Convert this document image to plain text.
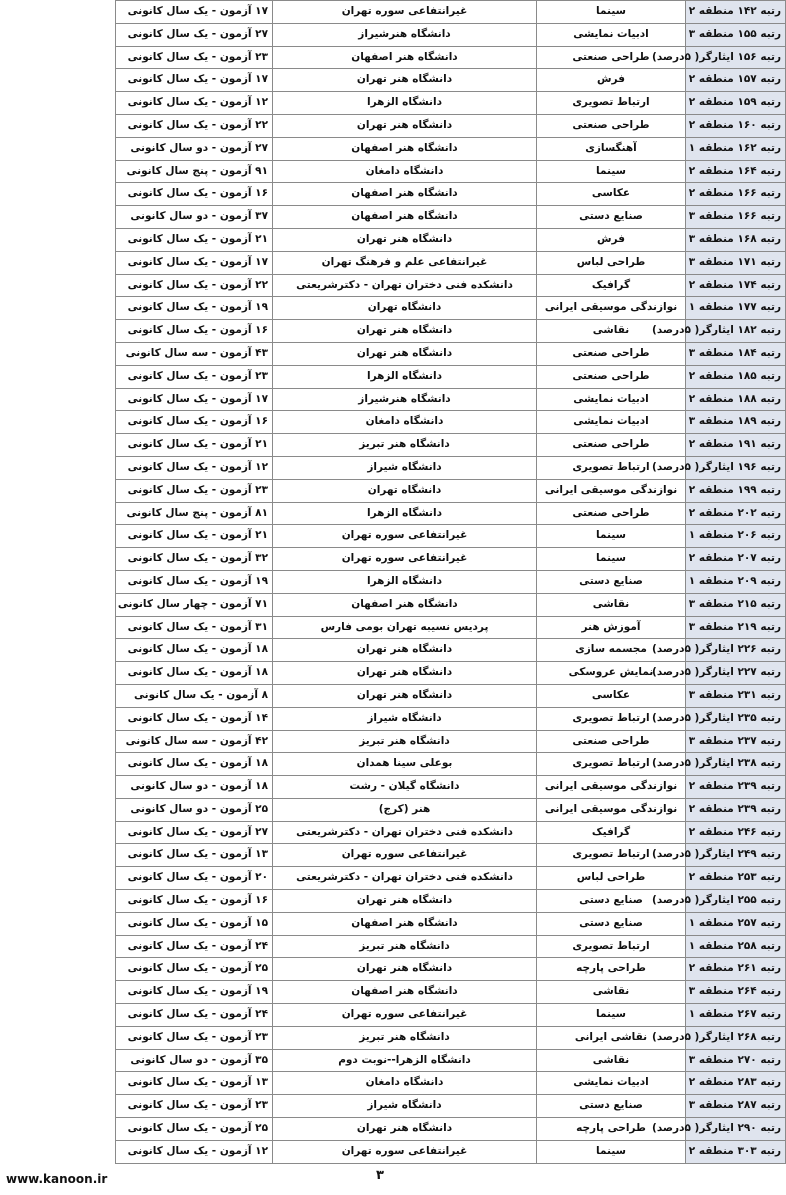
رتبه ۱۴۲ منطقه ۲	سینما	غیرانتفاعی سوره تهران	۱۷ آزمون - یک سال کانونی
رتبه ۱۵۵ منطقه ۳	ادبیات نمایشی	دانشگاه هنرشیراز	۲۷ آزمون - یک سال کانونی
رتبه ۱۵۶ ایثارگر( ۵درصد)	طراحی صنعتی	دانشگاه هنر اصفهان	۲۳ آزمون - یک سال کانونی
رتبه ۱۵۷ منطقه ۲	فرش	دانشگاه هنر تهران	۱۷ آزمون - یک سال کانونی
رتبه ۱۵۹ منطقه ۲	ارتباط تصویری	دانشگاه الزهرا	۱۲ آزمون - یک سال کانونی
رتبه ۱۶۰ منطقه ۲	طراحی صنعتی	دانشگاه هنر تهران	۲۲ آزمون - یک سال کانونی
رتبه ۱۶۲ منطقه ۱	آهنگسازی	دانشگاه هنر اصفهان	۲۷ آزمون - دو سال کانونی
رتبه ۱۶۴ منطقه ۲	سینما	دانشگاه دامغان	۹۱ آزمون - پنج سال کانونی
رتبه ۱۶۶ منطقه ۲	عکاسی	دانشگاه هنر اصفهان	۱۶ آزمون - یک سال کانونی
رتبه ۱۶۶ منطقه ۳	صنایع دستی	دانشگاه هنر اصفهان	۳۷ آزمون - دو سال کانونی
رتبه ۱۶۸ منطقه ۳	فرش	دانشگاه هنر تهران	۲۱ آزمون - یک سال کانونی
رتبه ۱۷۱ منطقه ۳	طراحی لباس	غیرانتفاعی علم و فرهنگ تهران	۱۷ آزمون - یک سال کانونی
رتبه ۱۷۴ منطقه ۲	گرافیک	دانشکده فنی دختران تهران - دکترشریعتی	۲۲ آزمون - یک سال کانونی
رتبه ۱۷۷ منطقه ۱	نوازندگی موسیقی ایرانی	دانشگاه تهران	۱۹ آزمون - یک سال کانونی
رتبه ۱۸۲ ایثارگر( ۵درصد)	نقاشی	دانشگاه هنر تهران	۱۶ آزمون - یک سال کانونی
رتبه ۱۸۴ منطقه ۳	طراحی صنعتی	دانشگاه هنر تهران	۴۳ آزمون - سه سال کانونی
رتبه ۱۸۵ منطقه ۲	طراحی صنعتی	دانشگاه الزهرا	۲۳ آزمون - یک سال کانونی
رتبه ۱۸۸ منطقه ۲	ادبیات نمایشی	دانشگاه هنرشیراز	۱۷ آزمون - یک سال کانونی
رتبه ۱۸۹ منطقه ۳	ادبیات نمایشی	دانشگاه دامغان	۱۶ آزمون - یک سال کانونی
رتبه ۱۹۱ منطقه ۲	طراحی صنعتی	دانشگاه هنر تبریز	۲۱ آزمون - یک سال کانونی
رتبه ۱۹۶ ایثارگر( ۵درصد)	ارتباط تصویری	دانشگاه شیراز	۱۲ آزمون - یک سال کانونی
رتبه ۱۹۹ منطقه ۲	نوازندگی موسیقی ایرانی	دانشگاه تهران	۲۳ آزمون - یک سال کانونی
رتبه ۲۰۲ منطقه ۲	طراحی صنعتی	دانشگاه الزهرا	۸۱ آزمون - پنج سال کانونی
رتبه ۲۰۶ منطقه ۱	سینما	غیرانتفاعی سوره تهران	۲۱ آزمون - یک سال کانونی
رتبه ۲۰۷ منطقه ۲	سینما	غیرانتفاعی سوره تهران	۳۲ آزمون - یک سال کانونی
رتبه ۲۰۹ منطقه ۱	صنایع دستی	دانشگاه الزهرا	۱۹ آزمون - یک سال کانونی
رتبه ۲۱۵ منطقه ۳	نقاشی	دانشگاه هنر اصفهان	۷۱ آزمون - چهار سال کانونی
رتبه ۲۱۹ منطقه ۳	آموزش هنر	پردیس نسیبه تهران بومی فارس	۳۱ آزمون - یک سال کانونی
رتبه ۲۲۶ ایثارگر( ۵درصد)	مجسمه سازی	دانشگاه هنر تهران	۱۸ آزمون - یک سال کانونی
رتبه ۲۲۷ ایثارگر( ۵درصد)	نمایش عروسکی	دانشگاه هنر تهران	۱۸ آزمون - یک سال کانونی
رتبه ۲۳۱ منطقه ۳	عکاسی	دانشگاه هنر تهران	۸ آزمون - یک سال کانونی
رتبه ۲۳۵ ایثارگر( ۵درصد)	ارتباط تصویری	دانشگاه شیراز	۱۴ آزمون - یک سال کانونی
رتبه ۲۳۷ منطقه ۳	طراحی صنعتی	دانشگاه هنر تبریز	۴۲ آزمون - سه سال کانونی
رتبه ۲۳۸ ایثارگر( ۵درصد)	ارتباط تصویری	بوعلی سینا همدان	۱۸ آزمون - یک سال کانونی
رتبه ۲۳۹ منطقه ۲	نوازندگی موسیقی ایرانی	دانشگاه گیلان - رشت	۱۸ آزمون - دو سال کانونی
رتبه ۲۳۹ منطقه ۲	نوازندگی موسیقی ایرانی	هنر (کرج)	۲۵ آزمون - دو سال کانونی
رتبه ۲۴۶ منطقه ۲	گرافیک	دانشکده فنی دختران تهران - دکترشریعتی	۲۷ آزمون - یک سال کانونی
رتبه ۲۴۹ ایثارگر( ۵درصد)	ارتباط تصویری	غیرانتفاعی سوره تهران	۱۳ آزمون - یک سال کانونی
رتبه ۲۵۳ منطقه ۲	طراحی لباس	دانشکده فنی دختران تهران - دکترشریعتی	۲۰ آزمون - یک سال کانونی
رتبه ۲۵۵ ایثارگر( ۵درصد)	صنایع دستی	دانشگاه هنر تهران	۱۶ آزمون - یک سال کانونی
رتبه ۲۵۷ منطقه ۱	صنایع دستی	دانشگاه هنر اصفهان	۱۵ آزمون - یک سال کانونی
رتبه ۲۵۸ منطقه ۱	ارتباط تصویری	دانشگاه هنر تبریز	۲۴ آزمون - یک سال کانونی
رتبه ۲۶۱ منطقه ۲	طراحی پارچه	دانشگاه هنر تهران	۲۵ آزمون - یک سال کانونی
رتبه ۲۶۴ منطقه ۳	نقاشی	دانشگاه هنر اصفهان	۱۹ آزمون - یک سال کانونی
رتبه ۲۶۷ منطقه ۱	سینما	غیرانتفاعی سوره تهران	۲۴ آزمون - یک سال کانونی
رتبه ۲۶۸ ایثارگر( ۵درصد)	نقاشی ایرانی	دانشگاه هنر تبریز	۲۳ آزمون - یک سال کانونی
رتبه ۲۷۰ منطقه ۳	نقاشی	دانشگاه الزهرا--نوبت دوم	۳۵ آزمون - دو سال کانونی
رتبه ۲۸۳ منطقه ۲	ادبیات نمایشی	دانشگاه دامغان	۱۳ آزمون - یک سال کانونی
رتبه ۲۸۷ منطقه ۳	صنایع دستی	دانشگاه شیراز	۲۳ آزمون - یک سال کانونی
رتبه ۲۹۰ ایثارگر( ۵درصد)	طراحی پارچه	دانشگاه هنر تهران	۲۵ آزمون - یک سال کانونی
رتبه ۳۰۳ منطقه ۲	سینما	غیرانتفاعی سوره تهران	۱۲ آزمون - یک سال کانونی
www.kanoon.ir	۳
